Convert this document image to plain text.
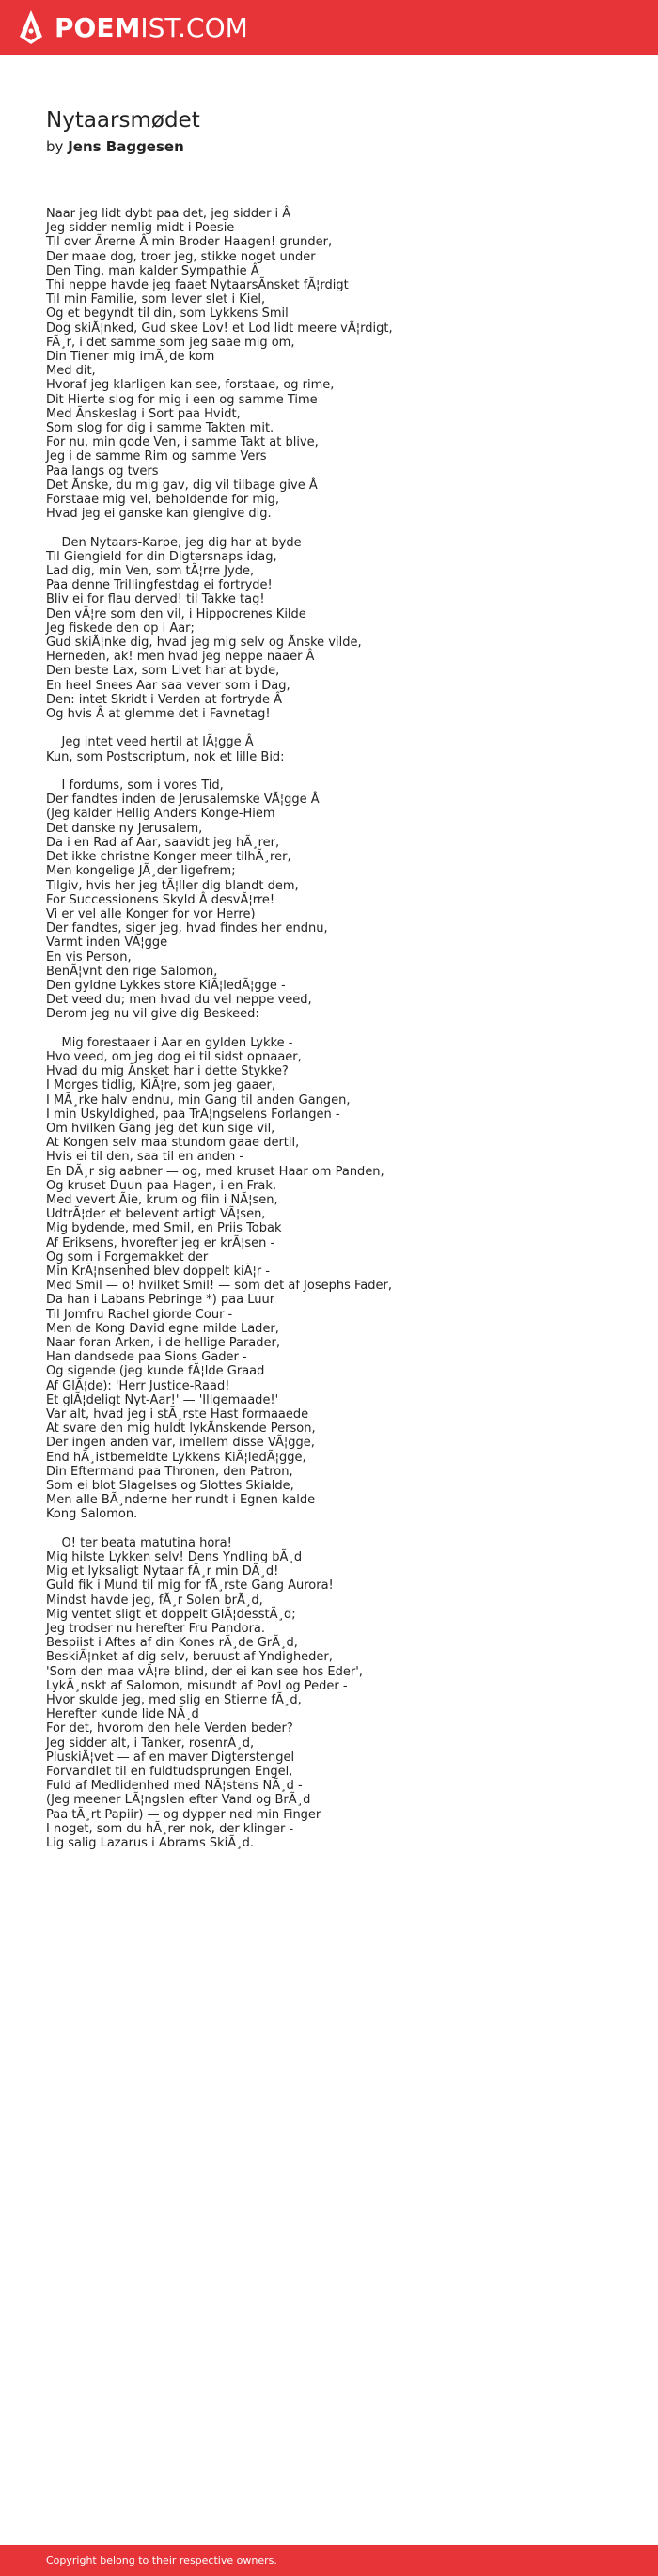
POEMIST.COM
Nytaarsmødet

by Jens Baggesen

Naar jeg lidt dybt paa det, jeg sidder i Â
Jeg sidder nemlig midt i Poesie
Til over Ãrerne Â min Broder Haagen! grunder,
Der maae dog, troer jeg, stikke noget under
Den Ting, man kalder Sympathie Â
Thi neppe havde jeg faaet NytaarsÃnsket fÃ¦rdigt
Til min Familie, som lever slet i Kiel,
Og et begyndt til din, som Lykkens Smil
Dog skiÃ¦nked, Gud skee Lov! et Lod lidt meere vÃ¦rdigt,
FÃ¸r, i det samme som jeg saae mig om,
Din Tiener mig imÃ¸de kom
Med dit,
Hvoraf jeg klarligen kan see, forstaae, og rime,
Dit Hierte slog for mig i een og samme Time
Med Ãnskeslag i Sort paa Hvidt,
Som slog for dig i samme Takten mit.
For nu, min gode Ven, i samme Takt at blive,
Jeg i de samme Rim og samme Vers
Paa langs og tvers
Det Ãnske, du mig gav, dig vil tilbage give Â
Forstaae mig vel, beholdende for mig,
Hvad jeg ei ganske kan giengive dig.
Den Nytaars-Karpe, jeg dig har at byde
Til Giengield for din Digtersnaps idag,
Lad dig, min Ven, som tÃ¦rre Jyde,
Paa denne Trillingfestdag ei fortryde!
Bliv ei for flau derved! til Takke tag!
Den vÃ¦re som den vil, i Hippocrenes Kilde
Jeg fiskede den op i Aar;
Gud skiÃ¦nke dig, hvad jeg mig selv og Ãnske vilde,
Herneden, ak! men hvad jeg neppe naaer Â
Den beste Lax, som Livet har at byde,
En heel Snees Aar saa vever som i Dag,
Den: intet Skridt i Verden at fortryde Â
Og hvis Â at glemme det i Favnetag!
Jeg intet veed hertil at lÃ¦gge Â
Kun, som Postscriptum, nok et lille Bid:
I fordums, som i vores Tid,
Der fandtes inden de Jerusalemske VÃ¦gge Â
(Jeg kalder Hellig Anders Konge-Hiem
Det danske ny Jerusalem,
Da i en Rad af Aar, saavidt jeg hÃ¸rer,
Det ikke christne Konger meer tilhÃ¸rer,
Men kongelige JÃ¸der ligefrem;
Tilgiv, hvis her jeg tÃ¦ller dig blandt dem,
For Successionens Skyld Â desvÃ¦rre!
Vi er vel alle Konger for vor Herre)
Der fandtes, siger jeg, hvad findes her endnu,
Varmt inden VÃ¦gge
En vis Person,
BenÃ¦vnt den rige Salomon,
Den gyldne Lykkes store KiÃ¦ledÃ¦gge -
Det veed du; men hvad du vel neppe veed,
Derom jeg nu vil give dig Beskeed:
Mig forestaaer i Aar en gylden Lykke -
Hvo veed, om jeg dog ei til sidst opnaaer,
Hvad du mig Ãnsket har i dette Stykke?
I Morges tidlig, KiÃ¦re, som jeg gaaer,
I MÃ¸rke halv endnu, min Gang til anden Gangen,
I min Uskyldighed, paa TrÃ¦ngselens Forlangen -
Om hvilken Gang jeg det kun sige vil,
At Kongen selv maa stundom gaae dertil,
Hvis ei til den, saa til en anden -
En DÃ¸r sig aabner — og, med kruset Haar om Panden,
Og kruset Duun paa Hagen, i en Frak,
Med vevert Ãie, krum og fiin i NÃ¦sen,
UdtrÃ¦der et belevent artigt VÃ¦sen,
Mig bydende, med Smil, en Priis Tobak
Af Eriksens, hvorefter jeg er krÃ¦sen -
Og som i Forgemakket der
Min KrÃ¦nsenhed blev doppelt kiÃ¦r -
Med Smil — o! hvilket Smil! — som det af Josephs Fader,
Da han i Labans Pebringe *) paa Luur
Til Jomfru Rachel giorde Cour -
Men de Kong David egne milde Lader,
Naar foran Arken, i de hellige Parader,
Han dandsede paa Sions Gader -
Og sigende (jeg kunde fÃ¦lde Graad
Af GlÃ¦de): 'Herr Justice-Raad!
Et glÃ¦deligt Nyt-Aar!' — 'Illgemaade!'
Var alt, hvad jeg i stÃ¸rste Hast formaaede
At svare den mig huldt lykÃnskende Person,
Der ingen anden var, imellem disse VÃ¦gge,
End hÃ¸istbemeldte Lykkens KiÃ¦ledÃ¦gge,
Din Eftermand paa Thronen, den Patron,
Som ei blot Slagelses og Slottes Skialde,
Men alle BÃ¸nderne her rundt i Egnen kalde
Kong Salomon.
O! ter beata matutina hora!
Mig hilste Lykken selv! Dens Yndling bÃ¸d
Mig et lyksaligt Nytaar fÃ¸r min DÃ¸d!
Guld fik i Mund til mig for fÃ¸rste Gang Aurora!
Mindst havde jeg, fÃ¸r Solen brÃ¸d,
Mig ventet sligt et doppelt GlÃ¦desstÃ¸d;
Jeg trodser nu herefter Fru Pandora.
Bespiist i Aftes af din Kones rÃ¸de GrÃ¸d,
BeskiÃ¦nket af dig selv, beruust af Yndigheder,
'Som den maa vÃ¦re blind, der ei kan see hos Eder',
LykÃ¸nskt af Salomon, misundt af Povl og Peder -
Hvor skulde jeg, med slig en Stierne fÃ¸d,
Herefter kunde lide NÃ¸d
For det, hvorom den hele Verden beder?
Jeg sidder alt, i Tanker, rosenrÃ¸d,
PluskiÃ¦vet — af en maver Digterstengel
Forvandlet til en fuldtudsprungen Engel,
Fuld af Medlidenhed med NÃ¦stens NÃ¸d -
(Jeg meener LÃ¦ngslen efter Vand og BrÃ¸d
Paa tÃ¸rt Papiir) — og dypper ned min Finger
I noget, som du hÃ¸rer nok, der klinger -
Lig salig Lazarus i Abrams SkiÃ¸d.
Copyright belong to their respective owners.
